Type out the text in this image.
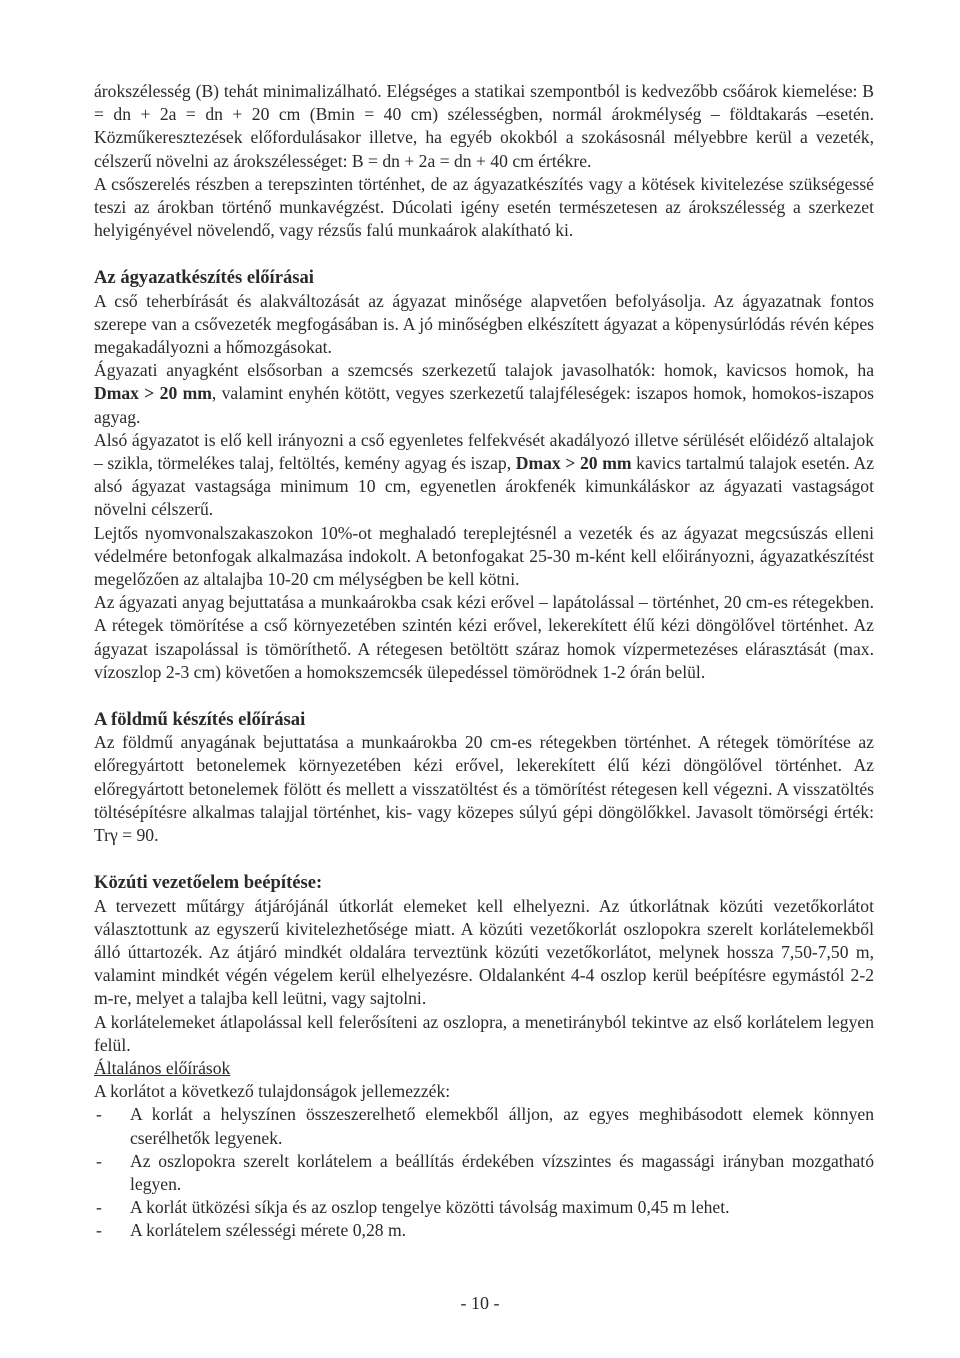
árokszélesség (B) tehát minimalizálható. Elégséges a statikai szempontból is kedvezőbb csőárok kiemelése: B = dn + 2a = dn + 20 cm (Bmin = 40 cm) szélességben, normál árokmélység – földtakarás –esetén. Közműkeresztezések előfordulásakor illetve, ha egyéb okokból a szokásosnál mélyebbre kerül a vezeték, célszerű növelni az árokszélességet: B = dn + 2a = dn + 40 cm értékre.

A csőszerelés részben a terepszinten történhet, de az ágyazatkészítés vagy a kötések kivitelezése szükségessé teszi az árokban történő munkavégzést. Dúcolati igény esetén természetesen az árokszélesség a szerkezet helyigényével növelendő, vagy rézsűs falú munkaárok alakítható ki.

Az ágyazatkészítés előírásai

A cső teherbírását és alakváltozását az ágyazat minősége alapvetően befolyásolja. Az ágyazatnak fontos szerepe van a csővezeték megfogásában is. A jó minőségben elkészített ágyazat a köpenysúrlódás révén képes megakadályozni a hőmozgásokat.

Ágyazati anyagként elsősorban a szemcsés szerkezetű talajok javasolhatók: homok, kavicsos homok, ha Dmax > 20 mm, valamint enyhén kötött, vegyes szerkezetű talajféleségek: iszapos homok, homokos-iszapos agyag.

Alsó ágyazatot is elő kell irányozni a cső egyenletes felfekvését akadályozó illetve sérülését előidéző altalajok – szikla, törmelékes talaj, feltöltés, kemény agyag és iszap, Dmax > 20 mm kavics tartalmú talajok esetén. Az alsó ágyazat vastagsága minimum 10 cm, egyenetlen árokfenék kimunkáláskor az ágyazati vastagságot növelni célszerű.

Lejtős nyomvonalszakaszokon 10%-ot meghaladó tereplejtésnél a vezeték és az ágyazat megcsúszás elleni védelmére betonfogak alkalmazása indokolt. A betonfogakat 25-30 m-ként kell előirányozni, ágyazatkészítést megelőzően az altalajba 10-20 cm mélységben be kell kötni.

Az ágyazati anyag bejuttatása a munkaárokba csak kézi erővel – lapátolással – történhet, 20 cm-es rétegekben. A rétegek tömörítése a cső környezetében szintén kézi erővel, lekerekített élű kézi döngölővel történhet. Az ágyazat iszapolással is tömöríthető. A rétegesen betöltött száraz homok vízpermetezéses elárasztását (max. vízoszlop 2-3 cm) követően a homokszemcsék ülepedéssel tömörödnek 1-2 órán belül.

A földmű készítés előírásai

Az földmű anyagának bejuttatása a munkaárokba 20 cm-es rétegekben történhet. A rétegek tömörítése az előregyártott betonelemek környezetében kézi erővel, lekerekített élű kézi döngölővel történhet. Az előregyártott betonelemek fölött és mellett a visszatöltést és a tömörítést rétegesen kell végezni. A visszatöltés töltésépítésre alkalmas talajjal történhet, kis- vagy közepes súlyú gépi döngölőkkel. Javasolt tömörségi érték: Trγ = 90.

Közúti vezetőelem beépítése:

A tervezett műtárgy átjárójánál útkorlát elemeket kell elhelyezni. Az útkorlátnak közúti vezetőkorlátot választottunk az egyszerű kivitelezhetősége miatt. A közúti vezetőkorlát oszlopokra szerelt korlátelemekből álló úttartozék. Az átjáró mindkét oldalára terveztünk közúti vezetőkorlátot, melynek hossza 7,50-7,50 m, valamint mindkét végén végelem kerül elhelyezésre. Oldalanként 4-4 oszlop kerül beépítésre egymástól 2-2 m-re, melyet a talajba kell leütni, vagy sajtolni.

A korlátelemeket átlapolással kell felerősíteni az oszlopra, a menetirányból tekintve az első korlátelem legyen felül.

Általános előírások

A korlátot a következő tulajdonságok jellemezzék:

- A korlát a helyszínen összeszerelhető elemekből álljon, az egyes meghibásodott elemek könnyen cserélhetők legyenek.
- Az oszlopokra szerelt korlátelem a beállítás érdekében vízszintes és magassági irányban mozgatható legyen.
- A korlát ütközési síkja és az oszlop tengelye közötti távolság maximum 0,45 m lehet.
- A korlátelem szélességi mérete 0,28 m.
- 10 -
